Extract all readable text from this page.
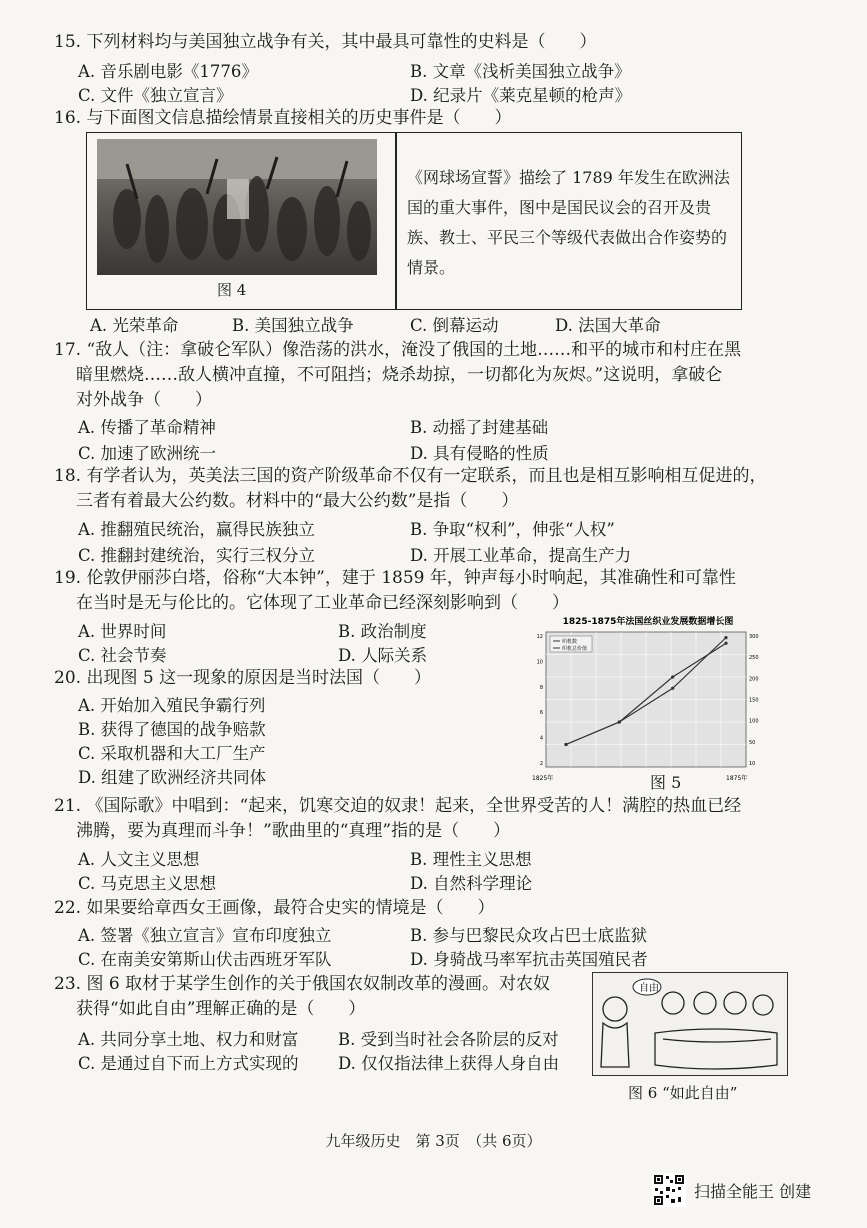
15. 下列材料均与美国独立战争有关，其中最具可靠性的史料是（　　）
A. 音乐剧电影《1776》	B. 文章《浅析美国独立战争》
C. 文件《独立宣言》	D. 纪录片《莱克星顿的枪声》
16. 与下面图文信息描绘情景直接相关的历史事件是（　　）
图 4
《网球场宣誓》描绘了 1789 年发生在欧洲法国的重大事件，图中是国民议会的召开及贵族、教士、平民三个等级代表做出合作姿势的情景。
A. 光荣革命	B. 美国独立战争	C. 倒幕运动	D. 法国大革命
17. “敌人（注：拿破仑军队）像浩荡的洪水，淹没了俄国的土地……和平的城市和村庄在黑
暗里燃烧……敌人横冲直撞，不可阻挡；烧杀劫掠，一切都化为灰烬。”这说明，拿破仑
对外战争（　　）
A. 传播了革命精神	B. 动摇了封建基础
C. 加速了欧洲统一	D. 具有侵略的性质
18. 有学者认为，英美法三国的资产阶级革命不仅有一定联系，而且也是相互影响相互促进的，
三者有着最大公约数。材料中的“最大公约数”是指（　　）
A. 推翻殖民统治，赢得民族独立	B. 争取“权利”，伸张“人权”
C. 推翻封建统治，实行三权分立	D. 开展工业革命，提高生产力
19. 伦敦伊丽莎白塔，俗称“大本钟”，建于 1859 年，钟声每小时响起，其准确性和可靠性
在当时是无与伦比的。它体现了工业革命已经深刻影响到（　　）
A. 世界时间	B. 政治制度
C. 社会节奏	D. 人际关系
20. 出现图 5 这一现象的原因是当时法国（　　）
A. 开始加入殖民争霸行列
B. 获得了德国的战争赔款
C. 采取机器和大工厂生产
D. 组建了欧洲经济共同体
1825-1875年法国丝织业发展数据增长图
12
10
8
6
4
2
300
250
200
150
100
50
10
织机数
织机总价值
1825年	1875年
图 5
21. 《国际歌》中唱到：“起来，饥寒交迫的奴隶！起来，全世界受苦的人！满腔的热血已经
沸腾，要为真理而斗争！”歌曲里的“真理”指的是（　　）
A. 人文主义思想	B. 理性主义思想
C. 马克思主义思想	D. 自然科学理论
22. 如果要给章西女王画像，最符合史实的情境是（　　）
A. 签署《独立宣言》宣布印度独立	B. 参与巴黎民众攻占巴士底监狱
C. 在南美安第斯山伏击西班牙军队	D. 身骑战马率军抗击英国殖民者
23. 图 6 取材于某学生创作的关于俄国农奴制改革的漫画。对农奴
获得“如此自由”理解正确的是（　　）
A. 共同分享土地、权力和财富 B. 受到当时社会各阶层的反对
C. 是通过自下而上方式实现的 D. 仅仅指法律上获得人身自由
自由
图 6 “如此自由”
九年级历史　第 3页　（共 6页）
扫描全能王 创建
